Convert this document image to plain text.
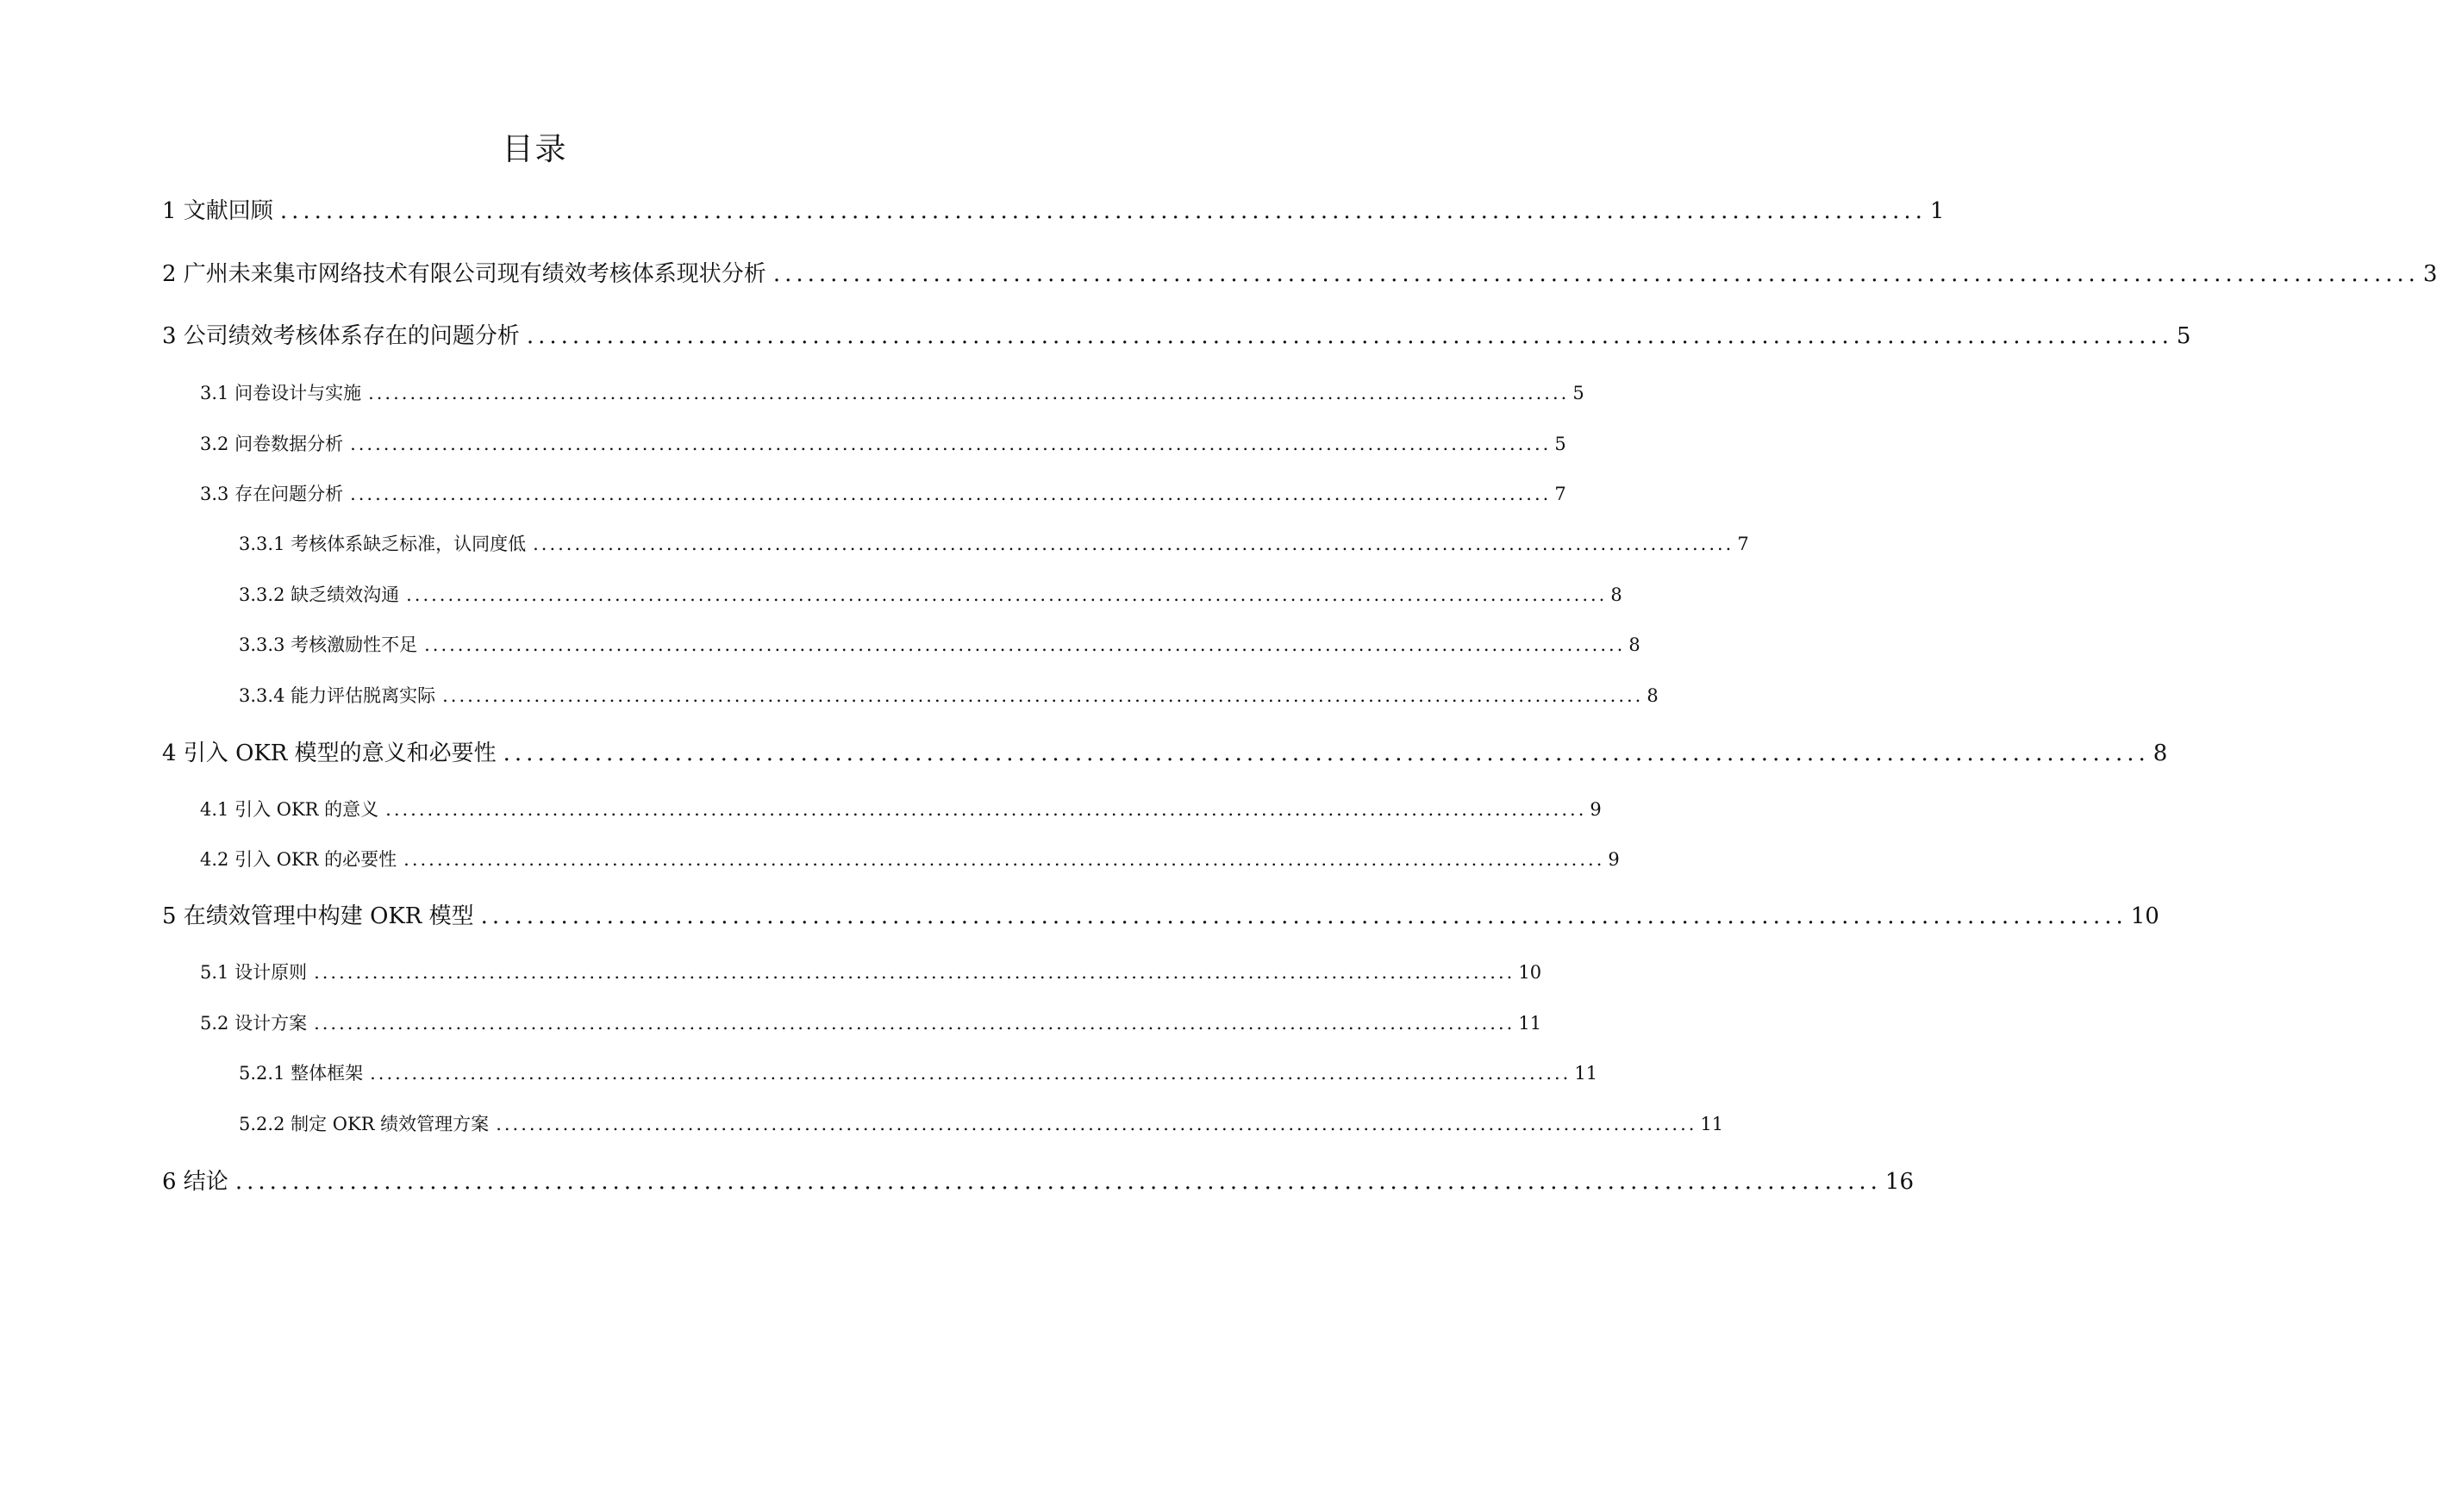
目录
1 文献回顾 ................................................................................................................................................ 1
2 广州未来集市网络技术有限公司现有绩效考核体系现状分析 ................................................................................................................................................ 3
3 公司绩效考核体系存在的问题分析 ................................................................................................................................................ 5
3.1 问卷设计与实施 ................................................................................................................................................ 5
3.2 问卷数据分析 ................................................................................................................................................ 5
3.3 存在问题分析 ................................................................................................................................................ 7
3.3.1 考核体系缺乏标准，认同度低 ................................................................................................................................................ 7
3.3.2 缺乏绩效沟通 ................................................................................................................................................ 8
3.3.3 考核激励性不足 ................................................................................................................................................ 8
3.3.4 能力评估脱离实际 ................................................................................................................................................ 8
4 引入 OKR 模型的意义和必要性 ................................................................................................................................................ 8
4.1 引入 OKR 的意义 ................................................................................................................................................ 9
4.2 引入 OKR 的必要性 ................................................................................................................................................ 9
5 在绩效管理中构建 OKR 模型 ................................................................................................................................................ 10
5.1 设计原则 ................................................................................................................................................ 10
5.2 设计方案 ................................................................................................................................................ 11
5.2.1 整体框架 ................................................................................................................................................ 11
5.2.2 制定 OKR 绩效管理方案 ................................................................................................................................................ 11
6 结论 ................................................................................................................................................ 16
